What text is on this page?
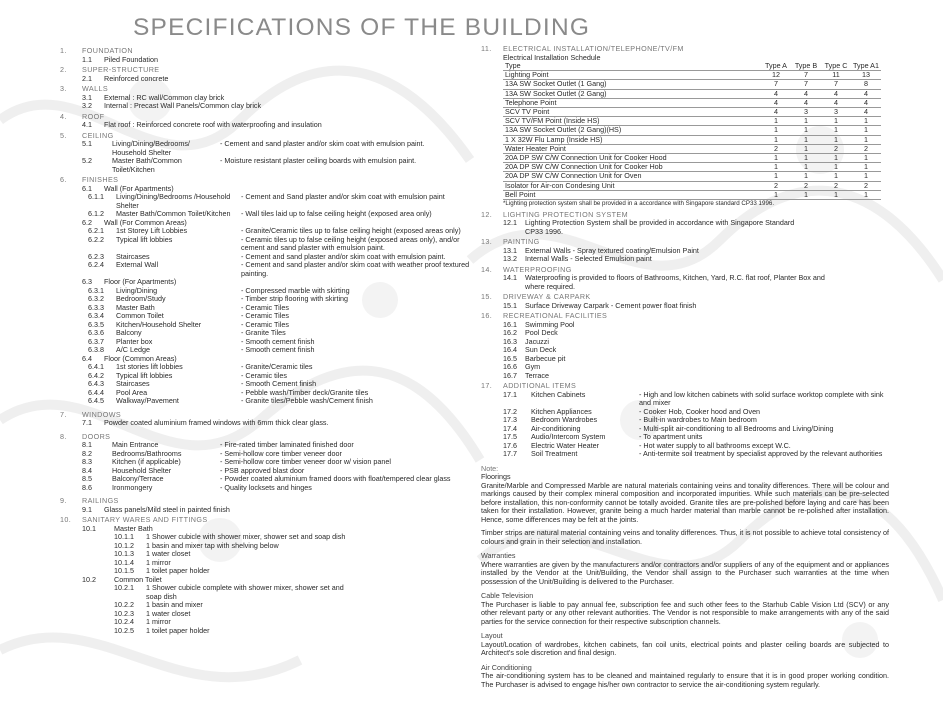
SPECIFICATIONS OF THE BUILDING
1.	FOUNDATION
1.1	Piled Foundation
2.	SUPER-STRUCTURE
2.1	Reinforced concrete
3.	WALLS
3.1	External : RC wall/Common clay brick
3.2	Internal : Precast Wall Panels/Common clay brick
4.	ROOF
4.1	Flat roof : Reinforced concrete roof with waterproofing and insulation
5.	CEILING
5.1	Living/Dining/Bedrooms/ Household Shelter
- Cement and sand plaster and/or skim coat with emulsion paint.
5.2	Master Bath/Common Toilet/Kitchen
- Moisture resistant plaster ceiling boards with emulsion paint.
6.	FINISHES
6.1	Wall (For Apartments)
6.1.1	Living/Dining/Bedrooms /Household Shelter
- Cement and Sand plaster and/or skim coat with emulsion paint
6.1.2	Master Bath/Common Toilet/Kitchen	- Wall tiles laid up to false ceiling height (exposed area only)
6.2	Wall (For Common Areas)
6.2.1	1st Storey Lift Lobbies	- Granite/Ceramic tiles up to false ceiling height (exposed areas only)
6.2.2	Typical lift lobbies	- Ceramic tiles up to false ceiling height (exposed areas only), and/or cement and sand plaster with emulsion paint.
6.2.3	Staircases	- Cement and sand plaster and/or skim coat with emulsion paint.
6.2.4	External Wall	- Cement and sand plaster and/or skim coat with weather proof textured painting.
6.3	Floor (For Apartments)
6.3.1	Living/Dining	- Compressed marble with skirting
6.3.2	Bedroom/Study	- Timber strip flooring with skirting
6.3.3	Master Bath	- Ceramic Tiles
6.3.4	Common Toilet	- Ceramic Tiles
6.3.5	Kitchen/Household Shelter	- Ceramic Tiles
6.3.6	Balcony	- Granite Tiles
6.3.7	Planter box	- Smooth cement finish
6.3.8	A/C Ledge	- Smooth cement finish
6.4	Floor (Common Areas)
6.4.1	1st stories lift lobbies	- Granite/Ceramic tiles
6.4.2	Typical lift lobbies	- Ceramic tiles
6.4.3	Staircases	- Smooth Cement finish
6.4.4	Pool Area	- Pebble wash/Timber deck/Granite tiles
6.4.5	Walkway/Pavement	- Granite tiles/Pebble wash/Cement finish
7.	WINDOWS
7.1	Powder coated aluminium framed windows with 6mm thick clear glass.
8.	DOORS
8.1	Main Entrance	- Fire-rated timber laminated finished door
8.2	Bedrooms/Bathrooms	- Semi-hollow core timber veneer door
8.3	Kitchen (if applicable)	- Semi-hollow core timber veneer door w/ vision panel
8.4	Household Shelter	- PSB approved blast door
8.5	Balcony/Terrace	- Powder coated aluminium framed doors with float/tempered clear glass
8.6	Ironmongery	- Quality locksets and hinges
9.	RAILINGS
9.1	Glass panels/Mild steel in painted finish
10.	SANITARY WARES AND FITTINGS
10.1	Master Bath
10.1.1	1 Shower cubicle with shower mixer, shower set and soap dish
10.1.2	1 basin and mixer tap with shelving below
10.1.3	1 water closet
10.1.4	1 mirror
10.1.5	1 toilet paper holder
10.2	Common Toilet
10.2.1	1 Shower cubicle complete with shower mixer, shower set and soap dish
10.2.2	1 basin and mixer
10.2.3	1 water closet
10.2.4	1 mirror
10.2.5	1 toilet paper holder
11.	ELECTRICAL INSTALLATION/TELEPHONE/TV/FM
Electrical Installation Schedule
Type	Type A	Type B	Type C	Type A1
Lighting Point	12	7	11	13
13A SW Socket Outlet (1 Gang)	7	7	7	8
13A SW Socket Outlet (2 Gang)	4	4	4	4
Telephone Point	4	4	4	4
SCV TV Point	4	3	3	4
SCV TV/FM Point (Inside HS)	1	1	1	1
13A SW Socket Outlet (2 Gang)(HS)	1	1	1	1
1 X 32W Flu Lamp (Inside HS)	1	1	1	1
Water Heater Point	2	1	2	2
20A DP SW C/W Connection Unit for Cooker Hood	1	1	1	1
20A DP SW C/W Connection Unit for Cooker Hob	1	1	1	1
20A DP SW C/W Connection Unit for Oven	1	1	1	1
Isolator for Air-con Condesing Unit	2	2	2	2
Bell Point	1	1	1	1
*Lighting protection system shall be provided in a accordance with Singapore standard CP33 1996.
12.	LIGHTING PROTECTION SYSTEM
12.1	Lighting Protection System shall be provided in accordance with Singapore Standard CP33 1996.
13.	PAINTING
13.1	External Walls - Spray textured coating/Emulsion Paint
13.2	Internal Walls - Selected Emulsion paint
14.	WATERPROOFING
14.1	Waterproofing is provided to floors of Bathrooms, Kitchen, Yard, R.C. flat roof, Planter Box and where required.
15.	DRIVEWAY & CARPARK
15.1	Surface Driveway Carpark - Cement power float finish
16.	RECREATIONAL FACILITIES
16.1	Swimming Pool
16.2	Pool Deck
16.3	Jacuzzi
16.4	Sun Deck
16.5	Barbecue pit
16.6	Gym
16.7	Terrace
17.	ADDITIONAL ITEMS
17.1	Kitchen Cabinets	- High and low kitchen cabinets with solid surface worktop complete with sink and mixer
17.2	Kitchen Appliances	- Cooker Hob, Cooker hood and Oven
17.3	Bedroom Wardrobes	- Built-in wardrobes to Main bedroom
17.4	Air-conditioning	- Multi-split air-conditioning to all Bedrooms and Living/Dining
17.5	Audio/Intercom System	- To apartment units
17.6	Electric Water Heater	- Hot water supply to all bathrooms except W.C.
17.7	Soil Treatment	- Anti-termite soil treatment by specialist approved by the relevant authorities
Note:
Floorings
Granite/Marble and Compressed Marble are natural materials containing veins and tonality differences. There will be colour and markings caused by their complex mineral composition and incorporated impurities. While such materials can be pre-selected before installation, this non-conformity cannot be totally avoided. Granite tiles are pre-polished before laying and care has been taken for their installation. However, granite being a much harder material than marble cannot be re-polished after installation. Hence, some differences may be felt at the joints.
Timber strips are natural material containing veins and tonality differences. Thus, it is not possible to achieve total consistency of colours and grain in their selection and installation.
Warranties
Where warranties are given by the manufacturers and/or contractors and/or suppliers of any of the equipment and or appliances installed by the Vendor at the Unit/Building, the Vendor shall assign to the Purchaser such warranties at the time when possession of the Unit/Building is delivered to the Purchaser.
Cable Television
The Purchaser is liable to pay annual fee, subscription fee and such other fees to the Starhub Cable Vision Ltd (SCV) or any other relevant party or any other relevant authorities. The Vendor is not responsible to make arrangements with any of the said parties for the service connection for their respective subscription channels.
Layout
Layout/Location of wardrobes, kitchen cabinets, fan coil units, electrical points and plaster ceiling boards are subjected to Architect's sole discretion and final design.
Air Conditioning
The air-conditioning system has to be cleaned and maintained regularly to ensure that it is in good proper working condition. The Purchaser is advised to engage his/her own contractor to service the air-conditioning system regularly.
